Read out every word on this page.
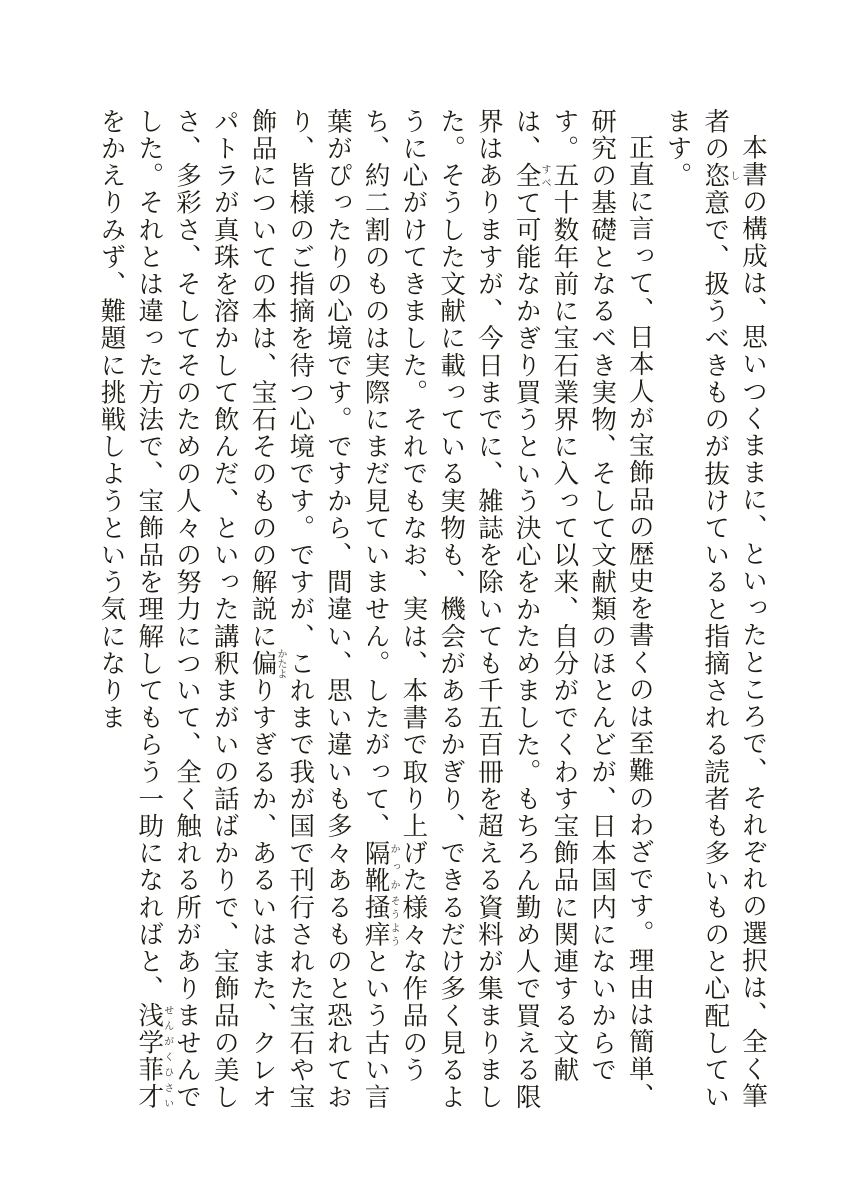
本書の構成は、思いつくままに、といったところで、それぞれの選択は、全く筆者の恣し意で、扱うべきものが抜けていると指摘される読者も多いものと心配しています。

正直に言って、日本人が宝飾品の歴史を書くのは至難のわざです。理由は簡単、研究の基礎となるべき実物、そして文献類のほとんどが、日本国内にないからです。五十数年前に宝石業界に入って以来、自分がでくわす宝飾品に関連する文献は、全すべて可能なかぎり買うという決心をかためました。もちろん勤め人で買える限界はありますが、今日までに、雑誌を除いても千五百冊を超える資料が集まりました。そうした文献に載っている実物も、機会があるかぎり、できるだけ多く見るように心がけてきました。それでもなお、実は、本書で取り上げた様々な作品のうち、約二割のものは実際にまだ見ていません。したがって、隔靴かっか掻痒そうようという古い言葉がぴったりの心境です。ですから、間違い、思い違いも多々あるものと恐れており、皆様のご指摘を待つ心境です。ですが、これまで我が国で刊行された宝石や宝飾品についての本は、宝石そのものの解説に偏かたよりすぎるか、あるいはまた、クレオパトラが真珠を溶かして飲んだ、といった講釈まがいの話ばかりで、宝飾品の美しさ、多彩さ、そしてそのための人々の努力について、全く触れる所がありませんでした。それとは違った方法で、宝飾品を理解してもらう一助になればと、浅学菲才せんがくひさいをかえりみず、難題に挑戦しようという気になりま
